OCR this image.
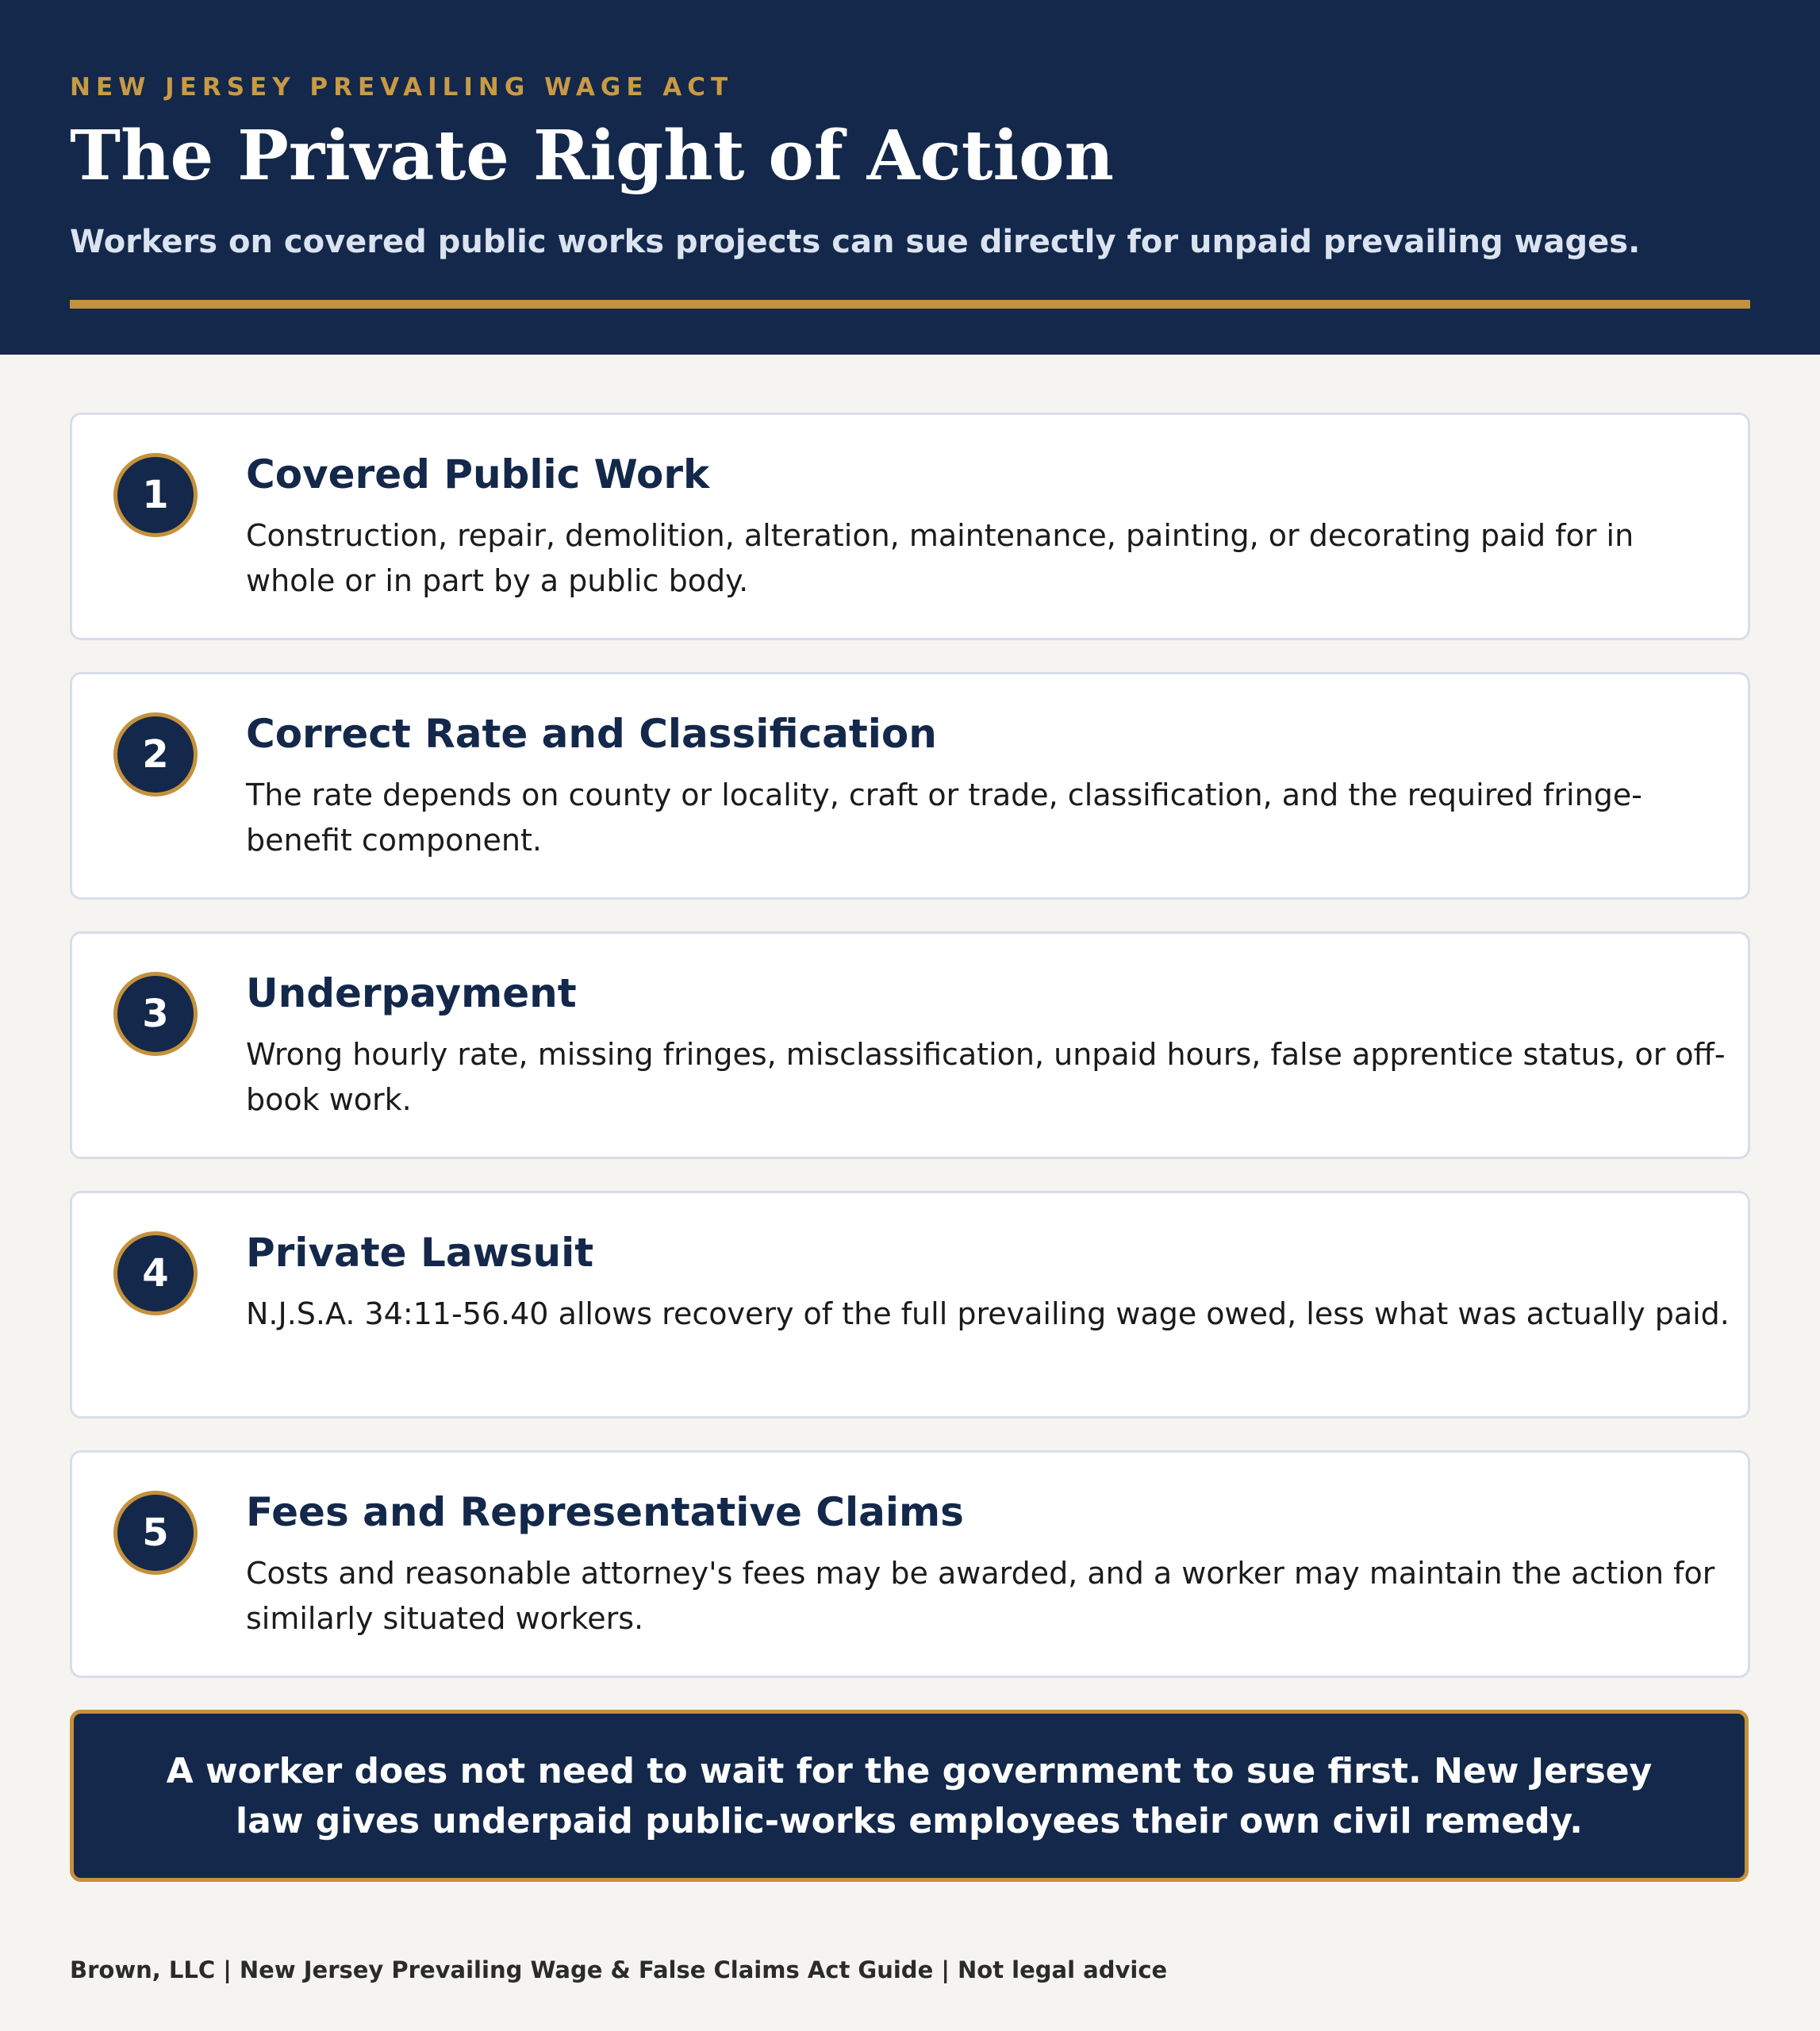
NEW JERSEY PREVAILING WAGE ACT
The Private Right of Action
Workers on covered public works projects can sue directly for unpaid prevailing wages.
1	Covered Public Work
Construction, repair, demolition, alteration, maintenance, painting, or decorating paid for in whole or in part by a public body.
2	Correct Rate and Classification
The rate depends on county or locality, craft or trade, classification, and the required fringe-benefit component.
3	Underpayment
Wrong hourly rate, missing fringes, misclassification, unpaid hours, false apprentice status, or off-book work.
4	Private Lawsuit
N.J.S.A. 34:11-56.40 allows recovery of the full prevailing wage owed, less what was actually paid.
5	Fees and Representative Claims
Costs and reasonable attorney's fees may be awarded, and a worker may maintain the action for similarly situated workers.
A worker does not need to wait for the government to sue first. New Jersey law gives underpaid public-works employees their own civil remedy.
Brown, LLC | New Jersey Prevailing Wage & False Claims Act Guide | Not legal advice
